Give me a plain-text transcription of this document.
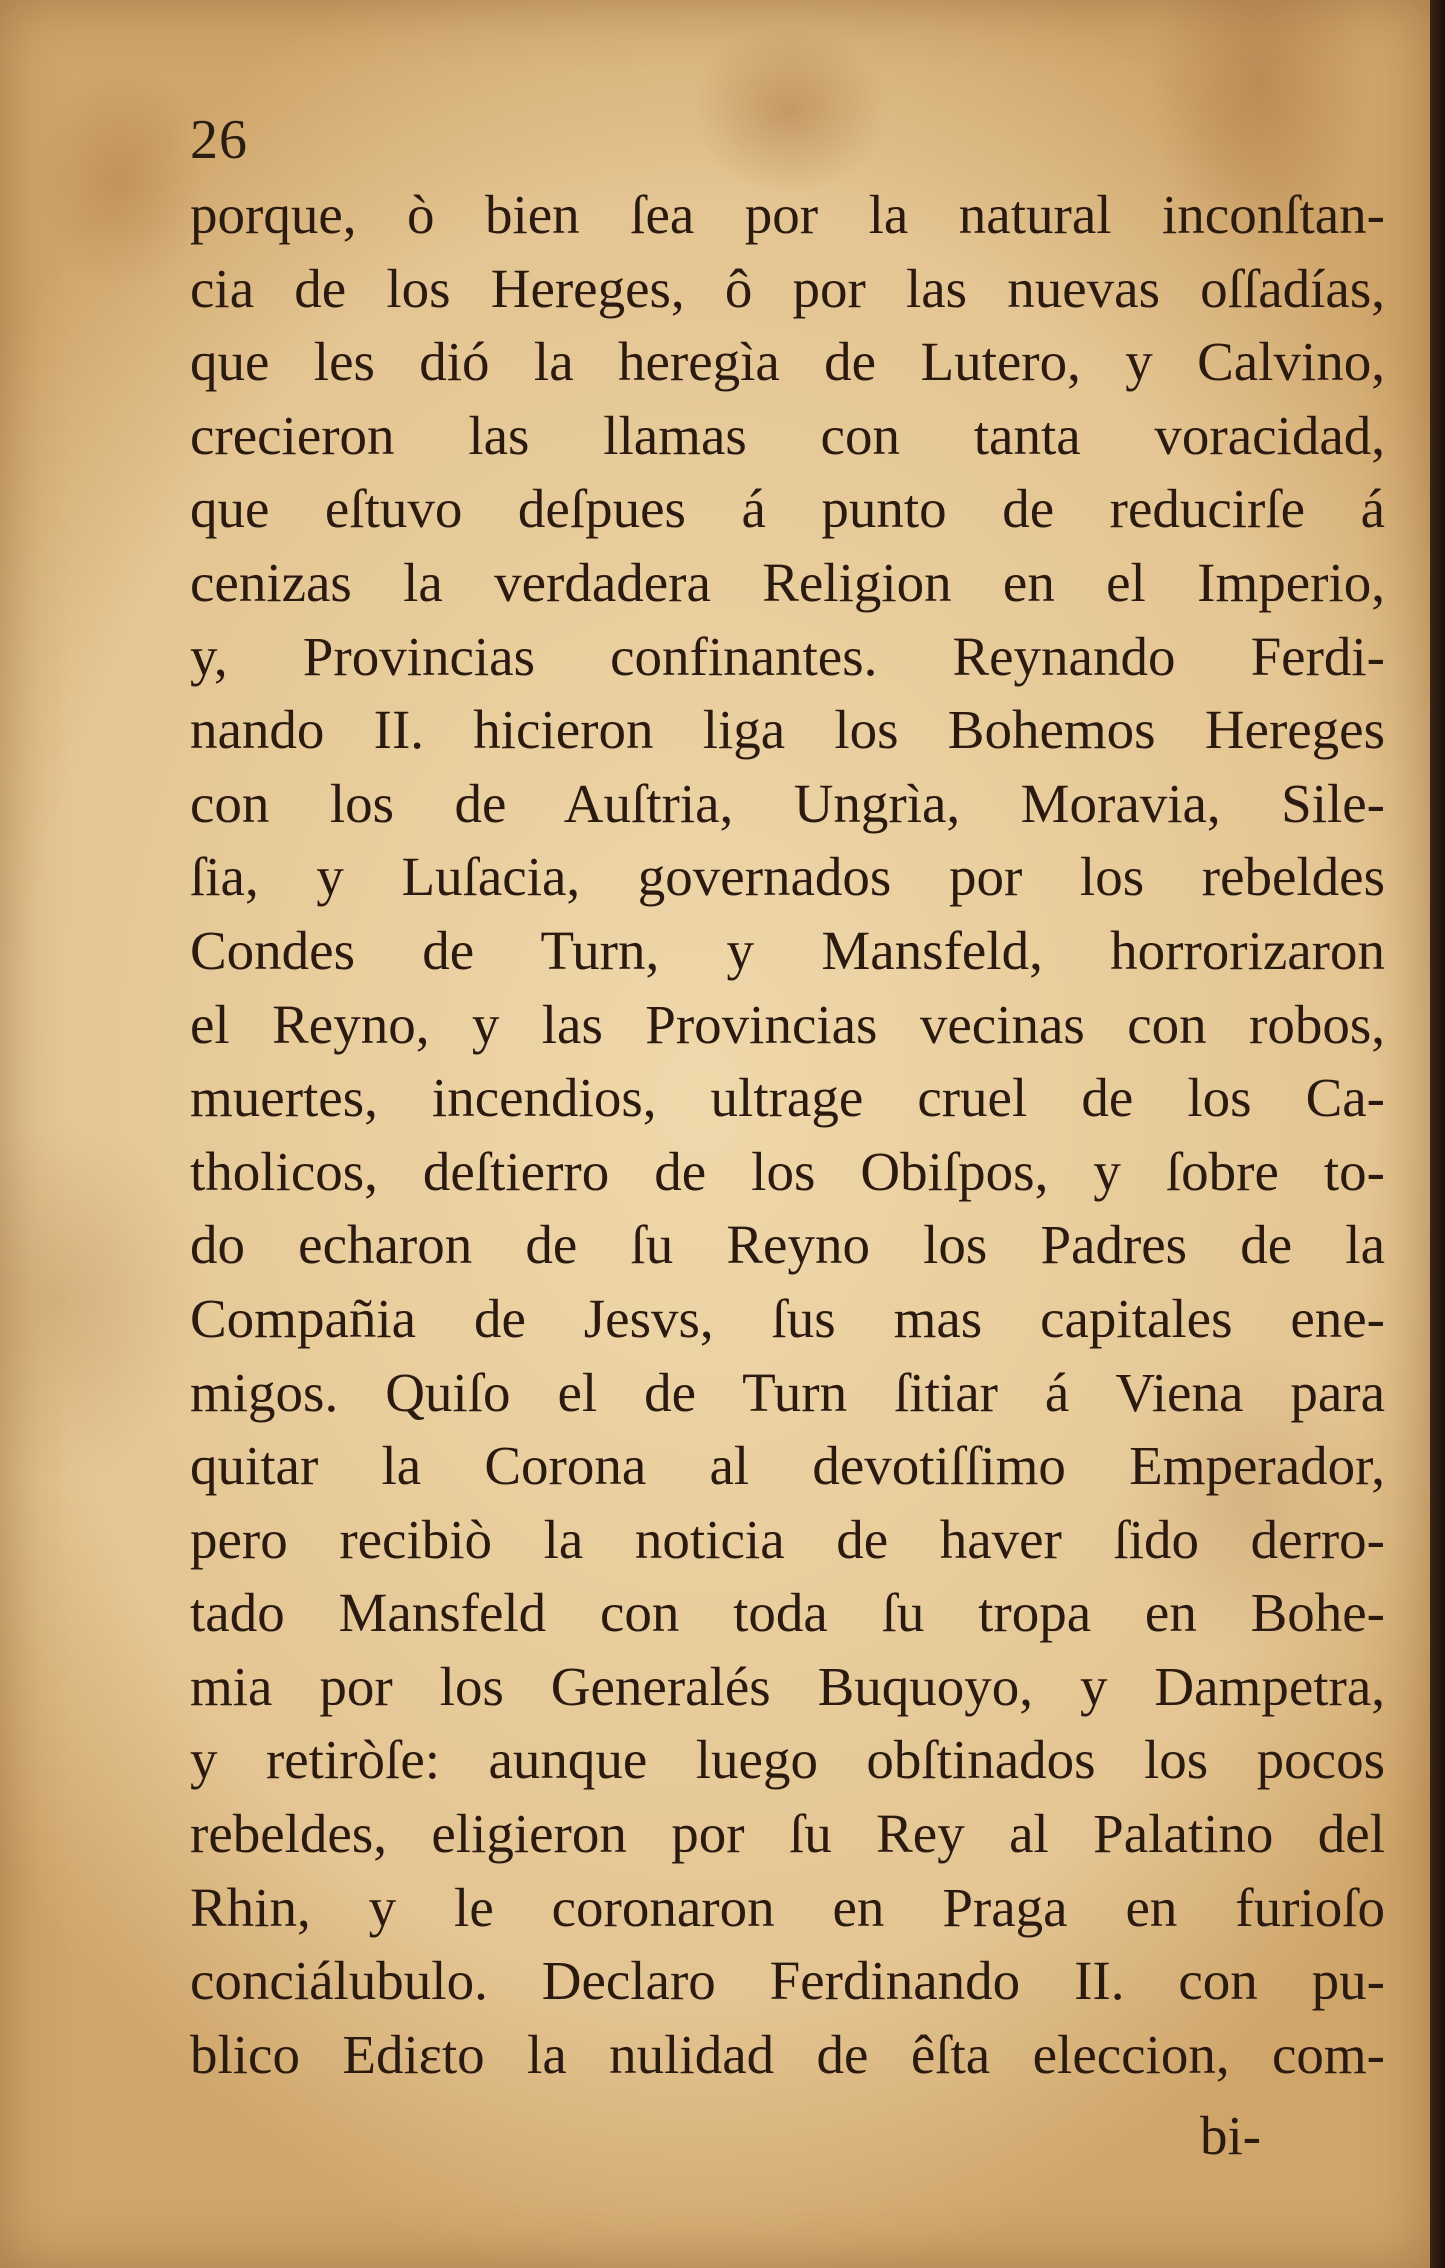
26
porque, ò bien ſea por la natural inconſtan-
cia de los Hereges, ô por las nuevas oſſadías,
que les dió la heregìa de Lutero, y Calvino,
crecieron las llamas con tanta voracidad,
que eſtuvo deſpues á punto de reducirſe á
cenizas la verdadera Religion en el Imperio,
y, Provincias confinantes. Reynando Ferdi-
nando II. hicieron liga los Bohemos Hereges
con los de Auſtria, Ungrìa, Moravia, Sile-
ſia, y Luſacia, governados por los rebeldes
Condes de Turn, y Mansfeld, horrorizaron
el Reyno, y las Provincias vecinas con robos,
muertes, incendios, ultrage cruel de los Ca-
tholicos, deſtierro de los Obiſpos, y ſobre to-
do echaron de ſu Reyno los Padres de la
Compañia de Jesvs, ſus mas capitales ene-
migos. Quiſo el de Turn ſitiar á Viena para
quitar la Corona al devotiſſimo Emperador,
pero recibiò la noticia de haver ſido derro-
tado Mansfeld con toda ſu tropa en Bohe-
mia por los Generalés Buquoyo, y Dampetra,
y retiròſe: aunque luego obſtinados los pocos
rebeldes, eligieron por ſu Rey al Palatino del
Rhin, y le coronaron en Praga en furioſo
conciálubulo. Declaro Ferdinando II. con pu-
blico Ediɛto la nulidad de êſta eleccion, com-
bi-
